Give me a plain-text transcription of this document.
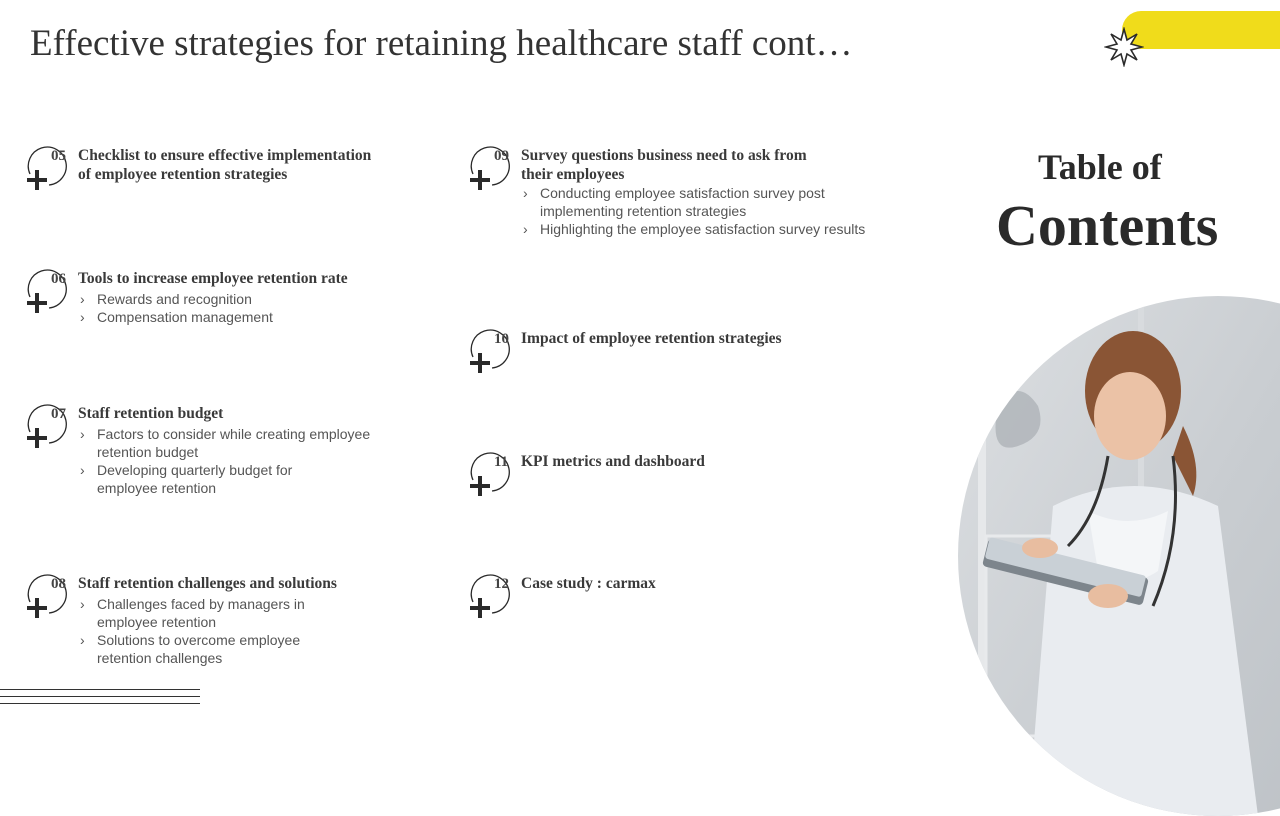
Effective strategies for retaining healthcare staff cont…
05 Checklist to ensure effective implementation
of employee retention strategies
06 Tools to increase employee retention rate
› Rewards and recognition
› Compensation management
07 Staff retention budget
› Factors to consider while creating employee
retention budget
› Developing quarterly budget for
employee retention
08 Staff retention challenges and solutions
› Challenges faced by managers in
employee retention
› Solutions to overcome employee
retention challenges
09 Survey questions business need to ask from
their employees
› Conducting employee satisfaction survey post
implementing retention strategies
› Highlighting the employee satisfaction survey results
10 Impact of employee retention strategies
11 KPI metrics and dashboard
12 Case study : carmax
Table of
Contents
